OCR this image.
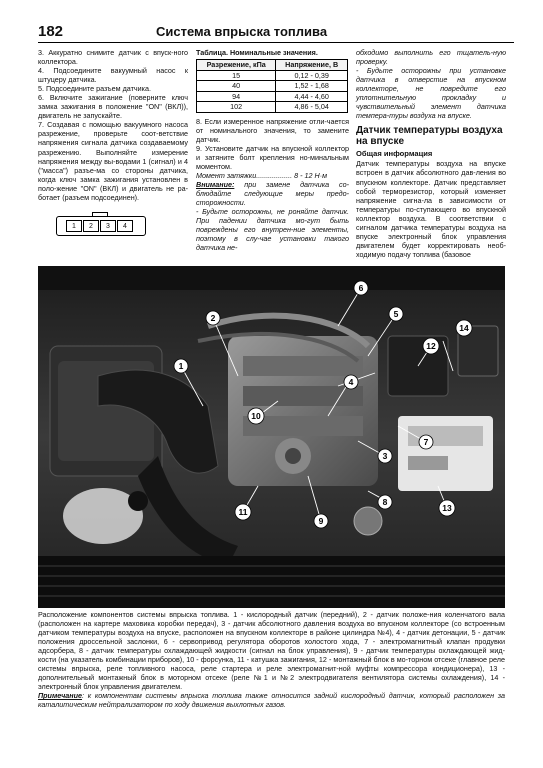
182	Система впрыска топлива

3. Аккуратно снимите датчик с впуск-ного коллектора.

4. Подсоедините вакуумный насос к штуцеру датчика.

5. Подсоедините разъем датчика.

6. Включите зажигание (поверните ключ замка зажигания в положение "ON" (ВКЛ)), двигатель не запускайте.

7. Создавая с помощью вакуумного насоса разрежение, проверьте соот-ветствие напряжения сигнала датчика создаваемому разрежению. Выполняйте измерение напряжения между вы-водами 1 (сигнал) и 4 ("масса") разъе-ма со стороны датчика, когда ключ замка зажигания установлен в поло-жение "ON" (ВКЛ) и двигатель не ра-ботает (разъем подсоединен).

1	2	3	4

Таблица. Номинальные значения.

Разрежение, кПа	Напряжение, В
15	0,12 - 0,39
40	1,52 - 1,68
94	4,44 - 4,60
102	4,86 - 5,04

8. Если измеренное напряжение отли-чается от номинального значения, то замените датчик.

9. Установите датчик на впускной коллектор и затяните болт крепления но-минальным моментом.

Момент затяжки.................. 8 - 12 Н·м

Внимание: при замене датчика со-блюдайте следующие меры предо-сторожности.

- Будьте осторожны, не роняйте датчик. При падении датчика мо-гут быть повреждены его внутрен-ние элементы, поэтому в слу-чае установки такого датчика не-

обходимо выполнить его тщатель-ную проверку.

- Будьте осторожны при установке датчика в отверстие на впускном коллекторе, не повредите его уплотнительную прокладку и чувствительный элемент датчика темпера-туры воздуха на впуске.

Датчик температуры воздуха на впуске
Общая информация

Датчик температуры воздуха на впуске встроен в датчик абсолютного дав-ления во впускном коллекторе. Датчик представляет собой терморезистор, который изменяет напряжение сигна-ла в зависимости от температуры по-ступающего во впускной коллектор воздуха. В соответствии с сигналом датчика температуры воздуха на впуске электронный блок управления двигателем будет корректировать необ-ходимую подачу топлива (базовое

1
2
3
4
5
6
7
8
9
10
11
12
13
14

Расположение компонентов системы впрыска топлива. 1 - кислородный датчик (передний), 2 - датчик положе-ния коленчатого вала (расположен на картере маховика коробки передач), 3 - датчик абсолютного давления воздуха во впускном коллекторе (со встроенным датчиком температуры воздуха на впуске, расположен на впускном коллекторе в районе цилиндра №4), 4 - датчик детонации, 5 - датчик положения дроссельной заслонки, 6 - сервопривод регулятора оборотов холостого хода, 7 - электромагнитный клапан продувки адсорбера, 8 - датчик температуры охлаждающей жидкости (сигнал на блок управления), 9 - датчик температуры охлаждающей жид-кости (на указатель комбинации приборов), 10 - форсунка, 11 - катушка зажигания, 12 - монтажный блок в мо-торном отсеке (главное реле системы впрыска, реле топливного насоса, реле стартера и реле электромагнит-ной муфты компрессора кондиционера), 13 - дополнительный монтажный блок в моторном отсеке (реле №1 и №2 электродвигателя вентилятора системы охлаждения), 14 - электронный блок управления двигателем.

Примечание: к компонентам системы впрыска топлива также относится задний кислородный датчик, который расположен за каталитическим нейтрализатором по ходу движения выхлопных газов.
